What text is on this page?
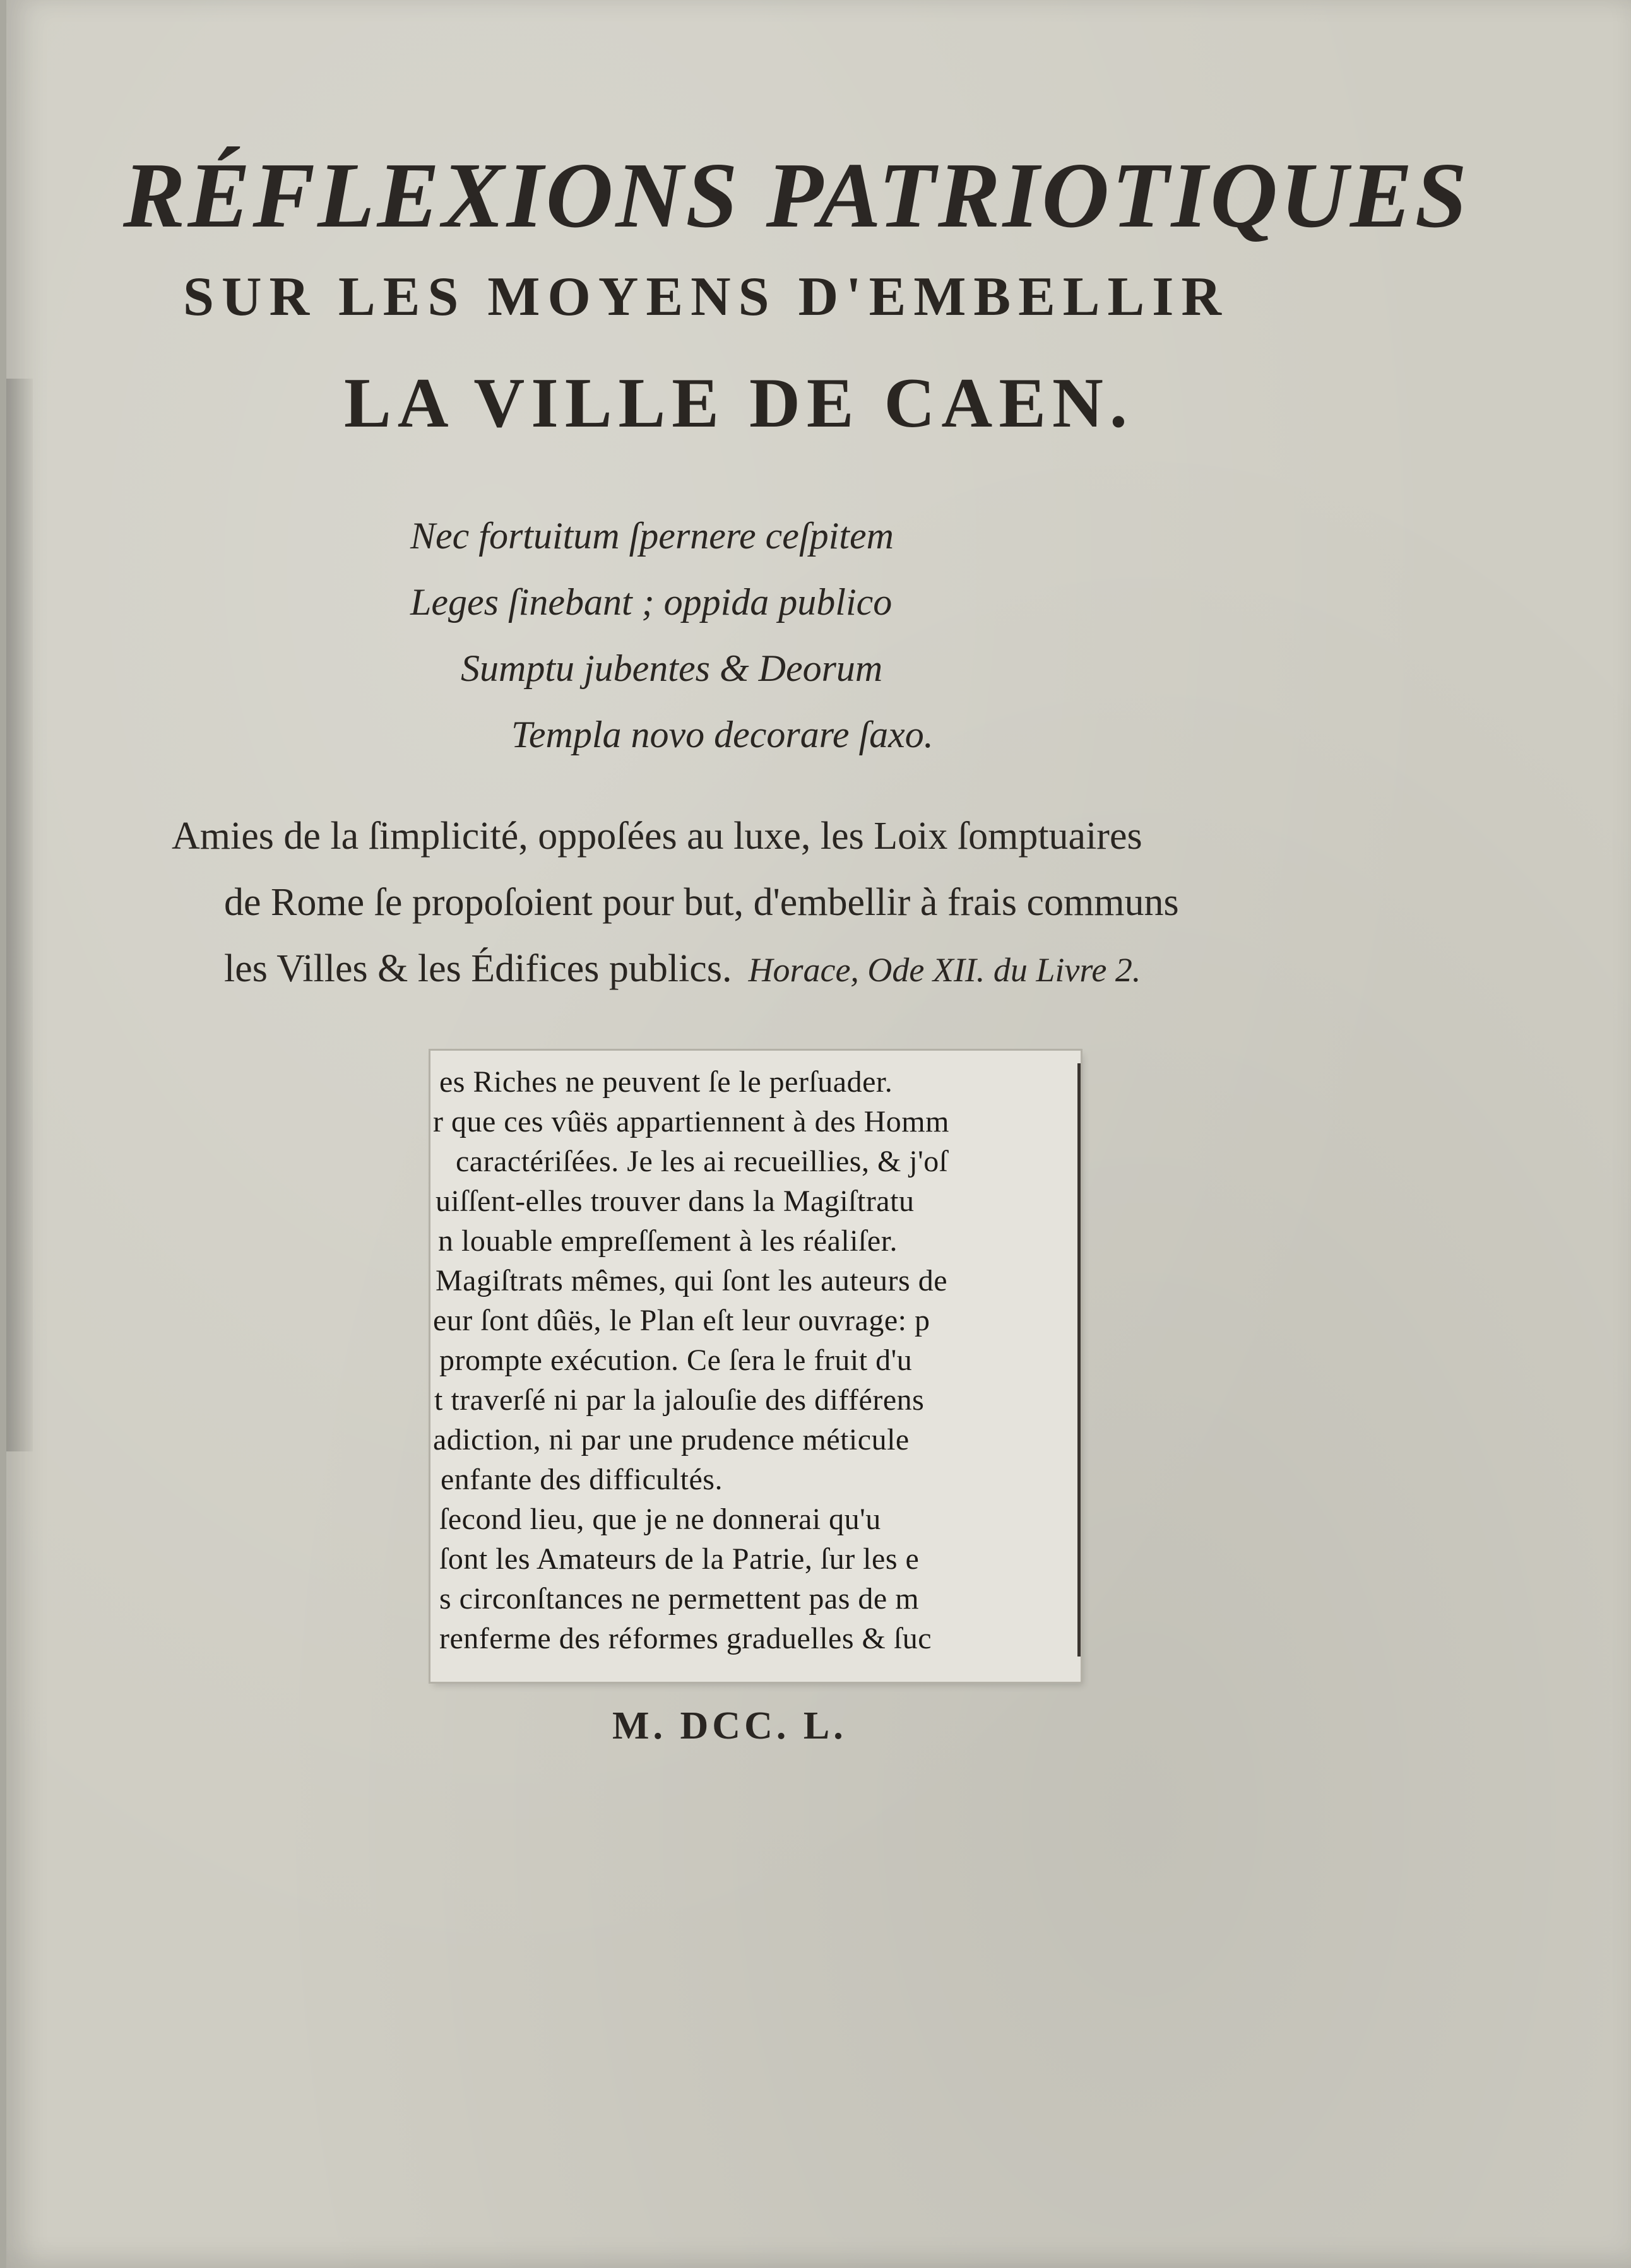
RÉFLEXIONS PATRIOTIQUES
SUR LES MOYENS D'EMBELLIR
LA VILLE DE CAEN.
Nec fortuitum ſpernere ceſpitem
Leges ſinebant ; oppida publico
Sumptu jubentes & Deorum
Templa novo decorare ſaxo.
Amies de la ſimplicité, oppoſées au luxe, les Loix ſomptuaires
de Rome ſe propoſoient pour but, d'embellir à frais communs
les Villes & les Édifices publics. Horace, Ode XII. du Livre 2.
es Riches ne peuvent ſe le perſuader.
r que ces vûës appartiennent à des Homm
caractériſées. Je les ai recueillies, & j'oſ
uiſſent-elles trouver dans la Magiſtratu
n louable empreſſement à les réaliſer.
Magiſtrats mêmes, qui ſont les auteurs de
eur ſont dûës, le Plan eſt leur ouvrage: p
prompte exécution. Ce ſera le fruit d'u
t traverſé ni par la jalouſie des différens
adiction, ni par une prudence méticule
enfante des difficultés.
ſecond lieu, que je ne donnerai qu'u
ſont les Amateurs de la Patrie, ſur les e
s circonſtances ne permettent pas de m
renferme des réformes graduelles & ſuc
M. DCC. L.
